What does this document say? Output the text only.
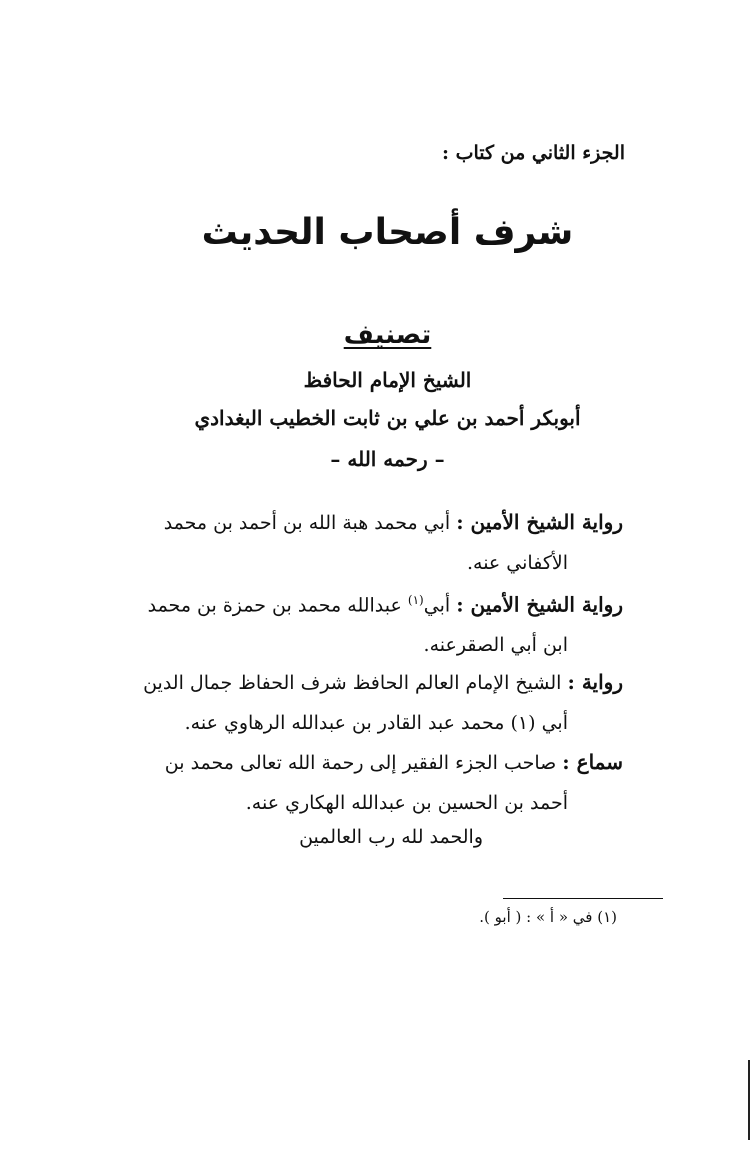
الجزء الثاني من كتاب :
شرف أصحاب الحديث
تصنيف
الشيخ الإمام الحافظ
أبوبكر أحمد بن علي بن ثابت الخطيب البغدادي
– رحمه الله –
رواية الشيخ الأمين : أبي محمد هبة الله بن أحمد بن محمد
الأكفاني عنه.
رواية الشيخ الأمين : أبي$^{(١)}$ عبدالله محمد بن حمزة بن محمد
ابن أبي الصقرعنه.
رواية : الشيخ الإمام العالم الحافظ شرف الحفاظ جمال الدين
أبي (١) محمد عبد القادر بن عبدالله الرهاوي عنه.
سماع : صاحب الجزء الفقير إلى رحمة الله تعالى محمد بن
أحمد بن الحسين بن عبدالله الهكاري عنه.
والحمد لله رب العالمين
(١) في « أ » : ( أبو ).
